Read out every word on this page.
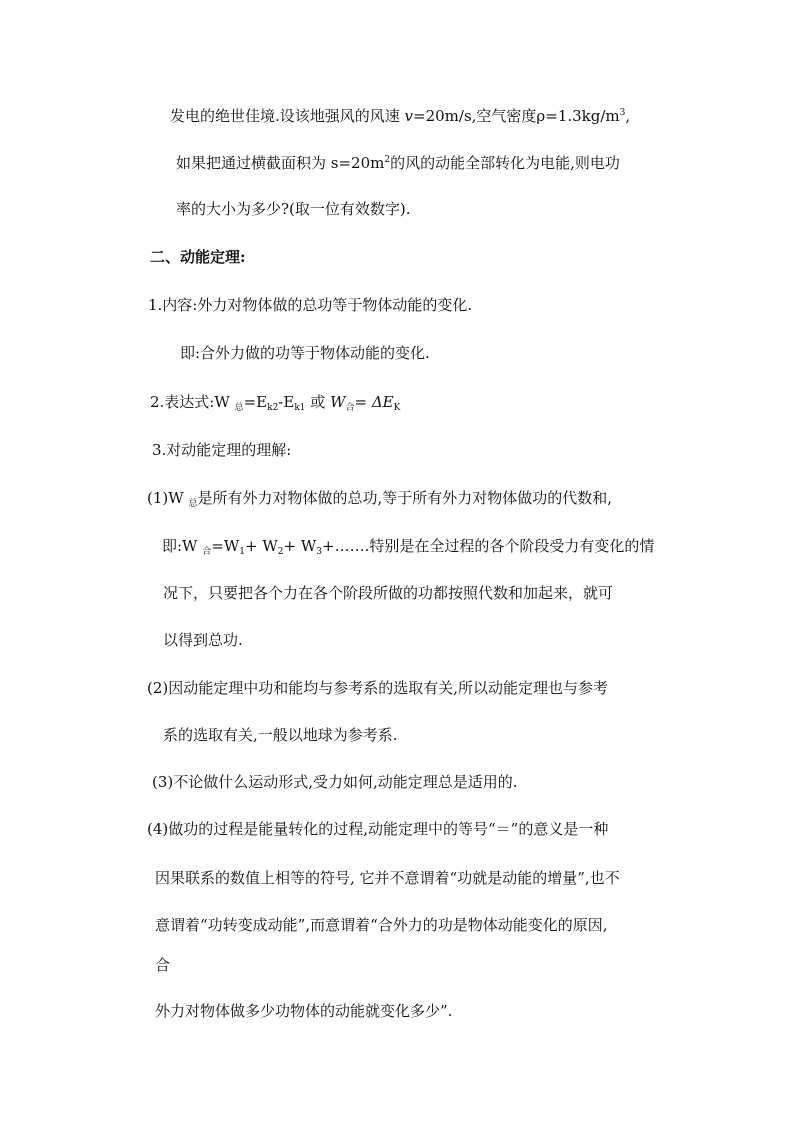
发电的绝世佳境.设该地强风的风速 v=20m/s,空气密度$\rho=1.3kg/m^3$,
如果把通过横截面积为 $s=20m^2$的风的动能全部转化为电能,则电功
率的大小为多少?(取一位有效数字).
二、动能定理:
1.内容:外力对物体做的总功等于物体动能的变化.
即:合外力做的功等于物体动能的变化.
2.表达式:W $_总=E_{k2}-E_{k1}$ 或 $W_合= \Delta E_K$
3.对动能定理的理解:
(1)W $_总$是所有外力对物体做的总功,等于所有外力对物体做功的代数和,
即:W $_合=W_1+ W_2+$ $W_3+\dots\dots$.特别是在全过程的各个阶段受力有变化的情
况下，只要把各个力在各个阶段所做的功都按照代数和加起来，就可
以得到总功.
(2)因动能定理中功和能均与参考系的选取有关,所以动能定理也与参考
系的选取有关,一般以地球为参考系.
(3)不论做什么运动形式,受力如何,动能定理总是适用的.
(4)做功的过程是能量转化的过程,动能定理中的等号“＝”的意义是一种
因果联系的数值上相等的符号, 它并不意谓着“功就是动能的增量”,也不
意谓着“功转变成动能”,而意谓着“合外力的功是物体动能变化的原因,
合
外力对物体做多少功物体的动能就变化多少”.
